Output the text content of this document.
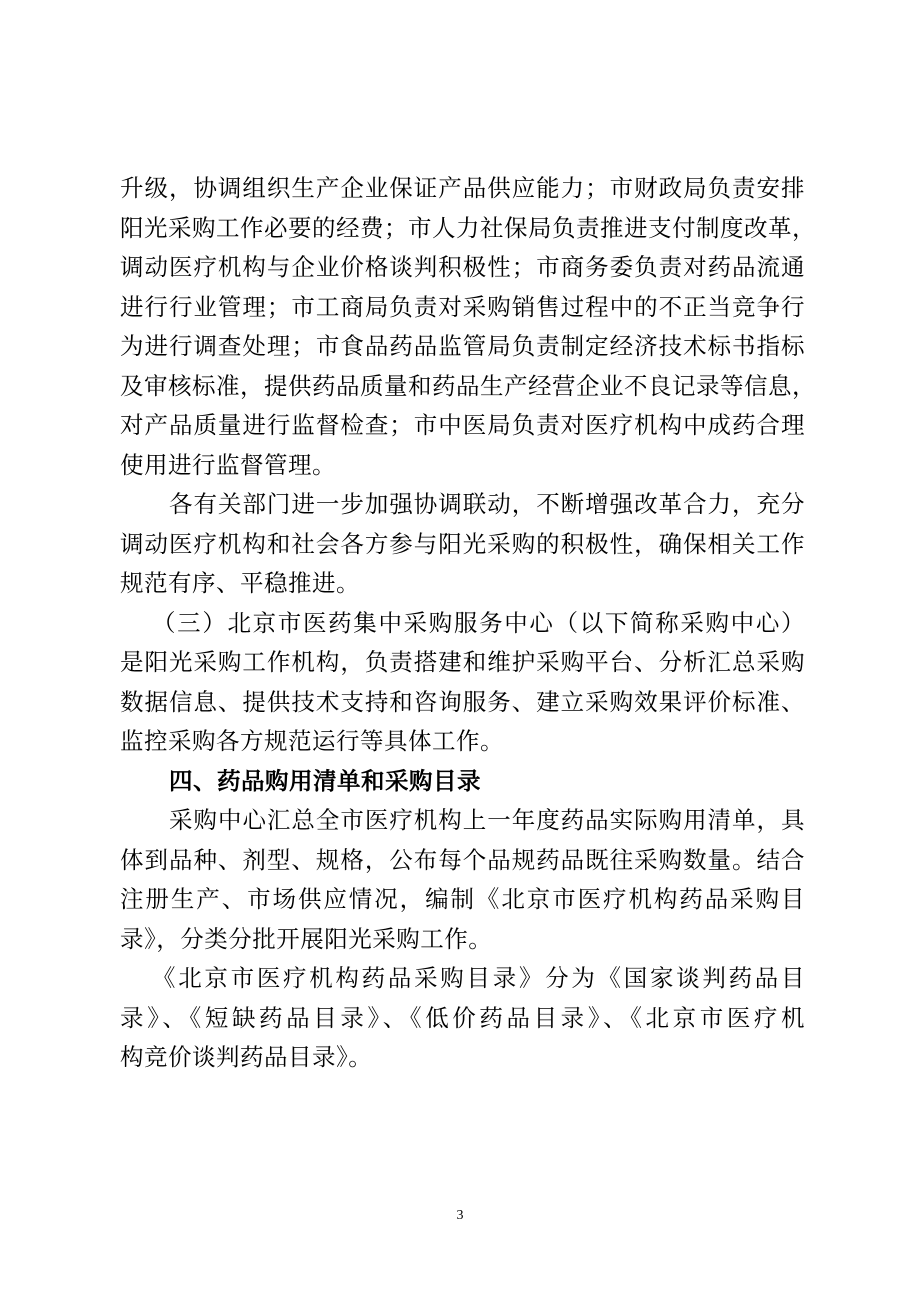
升级，协调组织生产企业保证产品供应能力；市财政局负责安排
阳光采购工作必要的经费；市人力社保局负责推进支付制度改革，
调动医疗机构与企业价格谈判积极性；市商务委负责对药品流通
进行行业管理；市工商局负责对采购销售过程中的不正当竞争行
为进行调查处理；市食品药品监管局负责制定经济技术标书指标
及审核标准，提供药品质量和药品生产经营企业不良记录等信息，
对产品质量进行监督检查；市中医局负责对医疗机构中成药合理
使用进行监督管理。
各有关部门进一步加强协调联动，不断增强改革合力，充分
调动医疗机构和社会各方参与阳光采购的积极性，确保相关工作
规范有序、平稳推进。
（三）北京市医药集中采购服务中心（以下简称采购中心）
是阳光采购工作机构，负责搭建和维护采购平台、分析汇总采购
数据信息、提供技术支持和咨询服务、建立采购效果评价标准、
监控采购各方规范运行等具体工作。
四、药品购用清单和采购目录
采购中心汇总全市医疗机构上一年度药品实际购用清单，具
体到品种、剂型、规格，公布每个品规药品既往采购数量。结合
注册生产、市场供应情况，编制《北京市医疗机构药品采购目
录》，分类分批开展阳光采购工作。
《北京市医疗机构药品采购目录》分为《国家谈判药品目
录》、《短缺药品目录》、《低价药品目录》、《北京市医疗机
构竞价谈判药品目录》。
3
